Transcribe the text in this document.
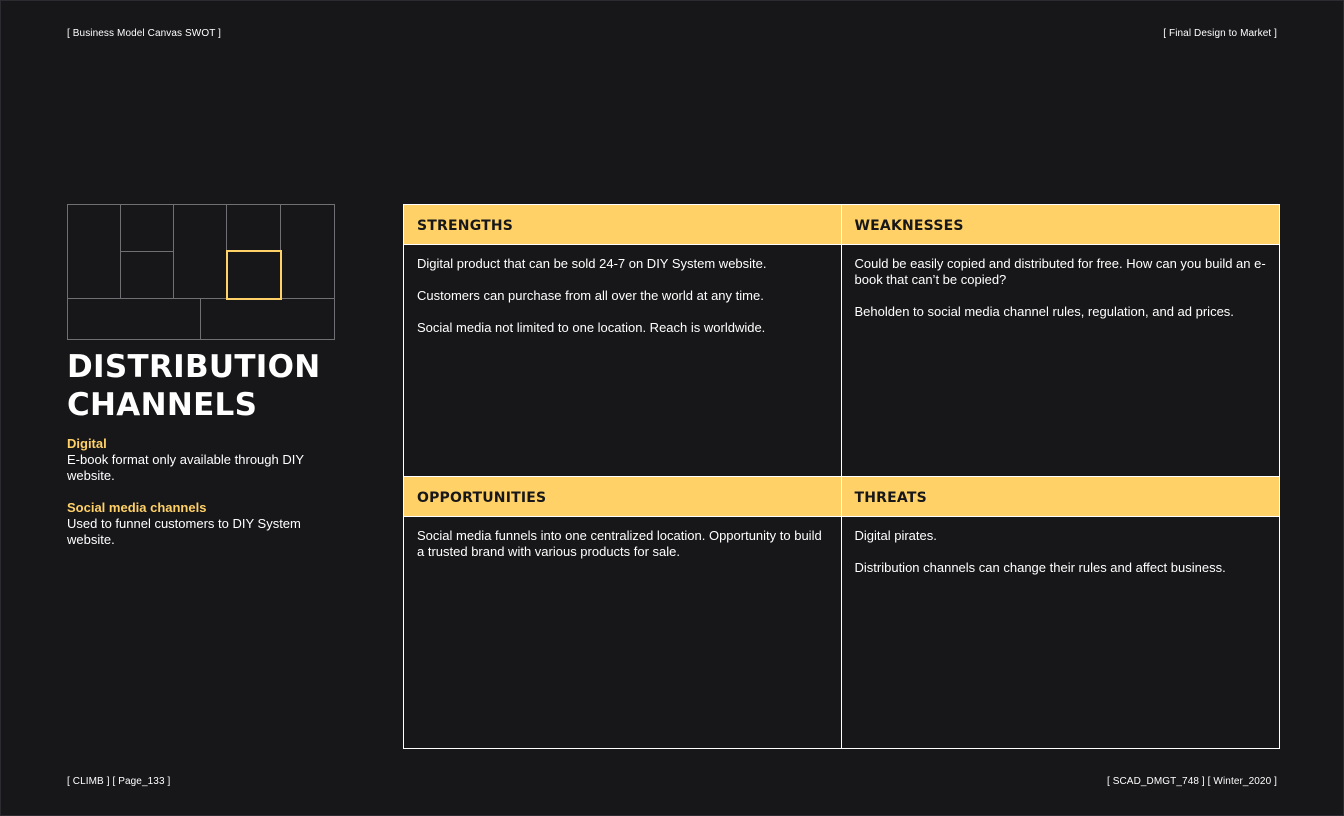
[ Business Model Canvas SWOT ]	[ Final Design to Market ]
DISTRIBUTION CHANNELS
Digital
E-book format only available through DIY website.
Social media channels
Used to funnel customers to DIY System website.
STRENGTHS

Digital product that can be sold 24-7 on DIY System website.

Customers can purchase from all over the world at any time.

Social media not limited to one location. Reach is worldwide.

WEAKNESSES

Could be easily copied and distributed for free. How can you build an e-book that can’t be copied?

Beholden to social media channel rules, regulation, and ad prices.

OPPORTUNITIES

Social media funnels into one centralized location. Opportunity to build a trusted brand with various products for sale.

THREATS

Digital pirates.

Distribution channels can change their rules and affect business.

[ CLIMB ] [ Page_133 ]	[ SCAD_DMGT_748 ] [ Winter_2020 ]
